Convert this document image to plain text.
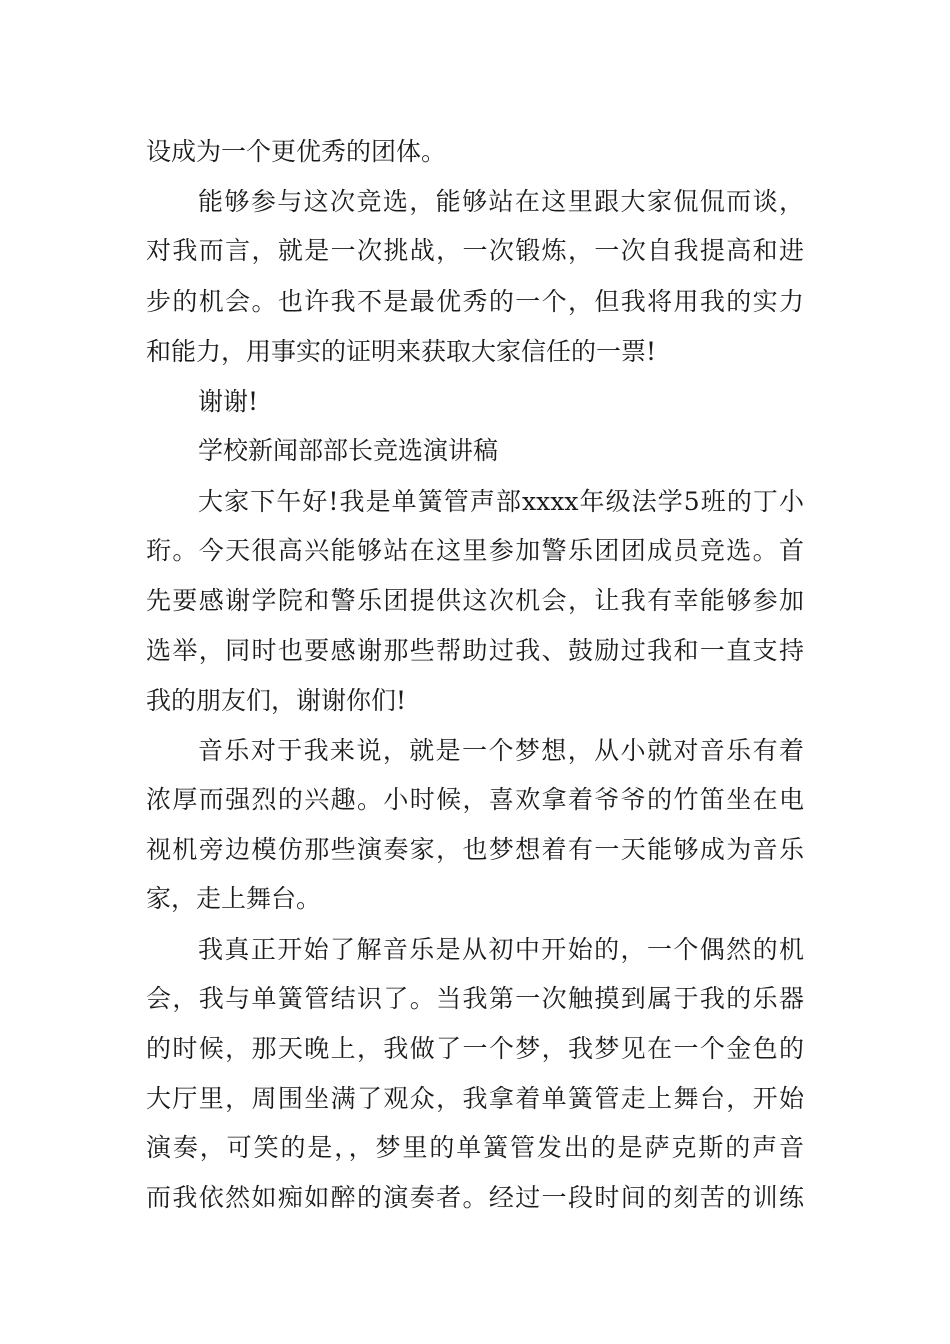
设成为一个更优秀的团体。
能够参与这次竞选，能够站在这里跟大家侃侃而谈，
对我而言，就是一次挑战，一次锻炼，一次自我提高和进
步的机会。也许我不是最优秀的一个，但我将用我的实力
和能力，用事实的证明来获取大家信任的一票!
谢谢!
学校新闻部部长竞选演讲稿
大家下午好!我是单簧管声部xxxx年级法学5班的丁小
珩。今天很高兴能够站在这里参加警乐团团成员竞选。首
先要感谢学院和警乐团提供这次机会，让我有幸能够参加
选举，同时也要感谢那些帮助过我、鼓励过我和一直支持
我的朋友们，谢谢你们!
音乐对于我来说，就是一个梦想，从小就对音乐有着
浓厚而强烈的兴趣。小时候，喜欢拿着爷爷的竹笛坐在电
视机旁边模仿那些演奏家，也梦想着有一天能够成为音乐
家，走上舞台。
我真正开始了解音乐是从初中开始的，一个偶然的机
会，我与单簧管结识了。当我第一次触摸到属于我的乐器
的时候，那天晚上，我做了一个梦，我梦见在一个金色的
大厅里，周围坐满了观众，我拿着单簧管走上舞台，开始
演奏，可笑的是，，梦里的单簧管发出的是萨克斯的声音
而我依然如痴如醉的演奏者。经过一段时间的刻苦的训练
